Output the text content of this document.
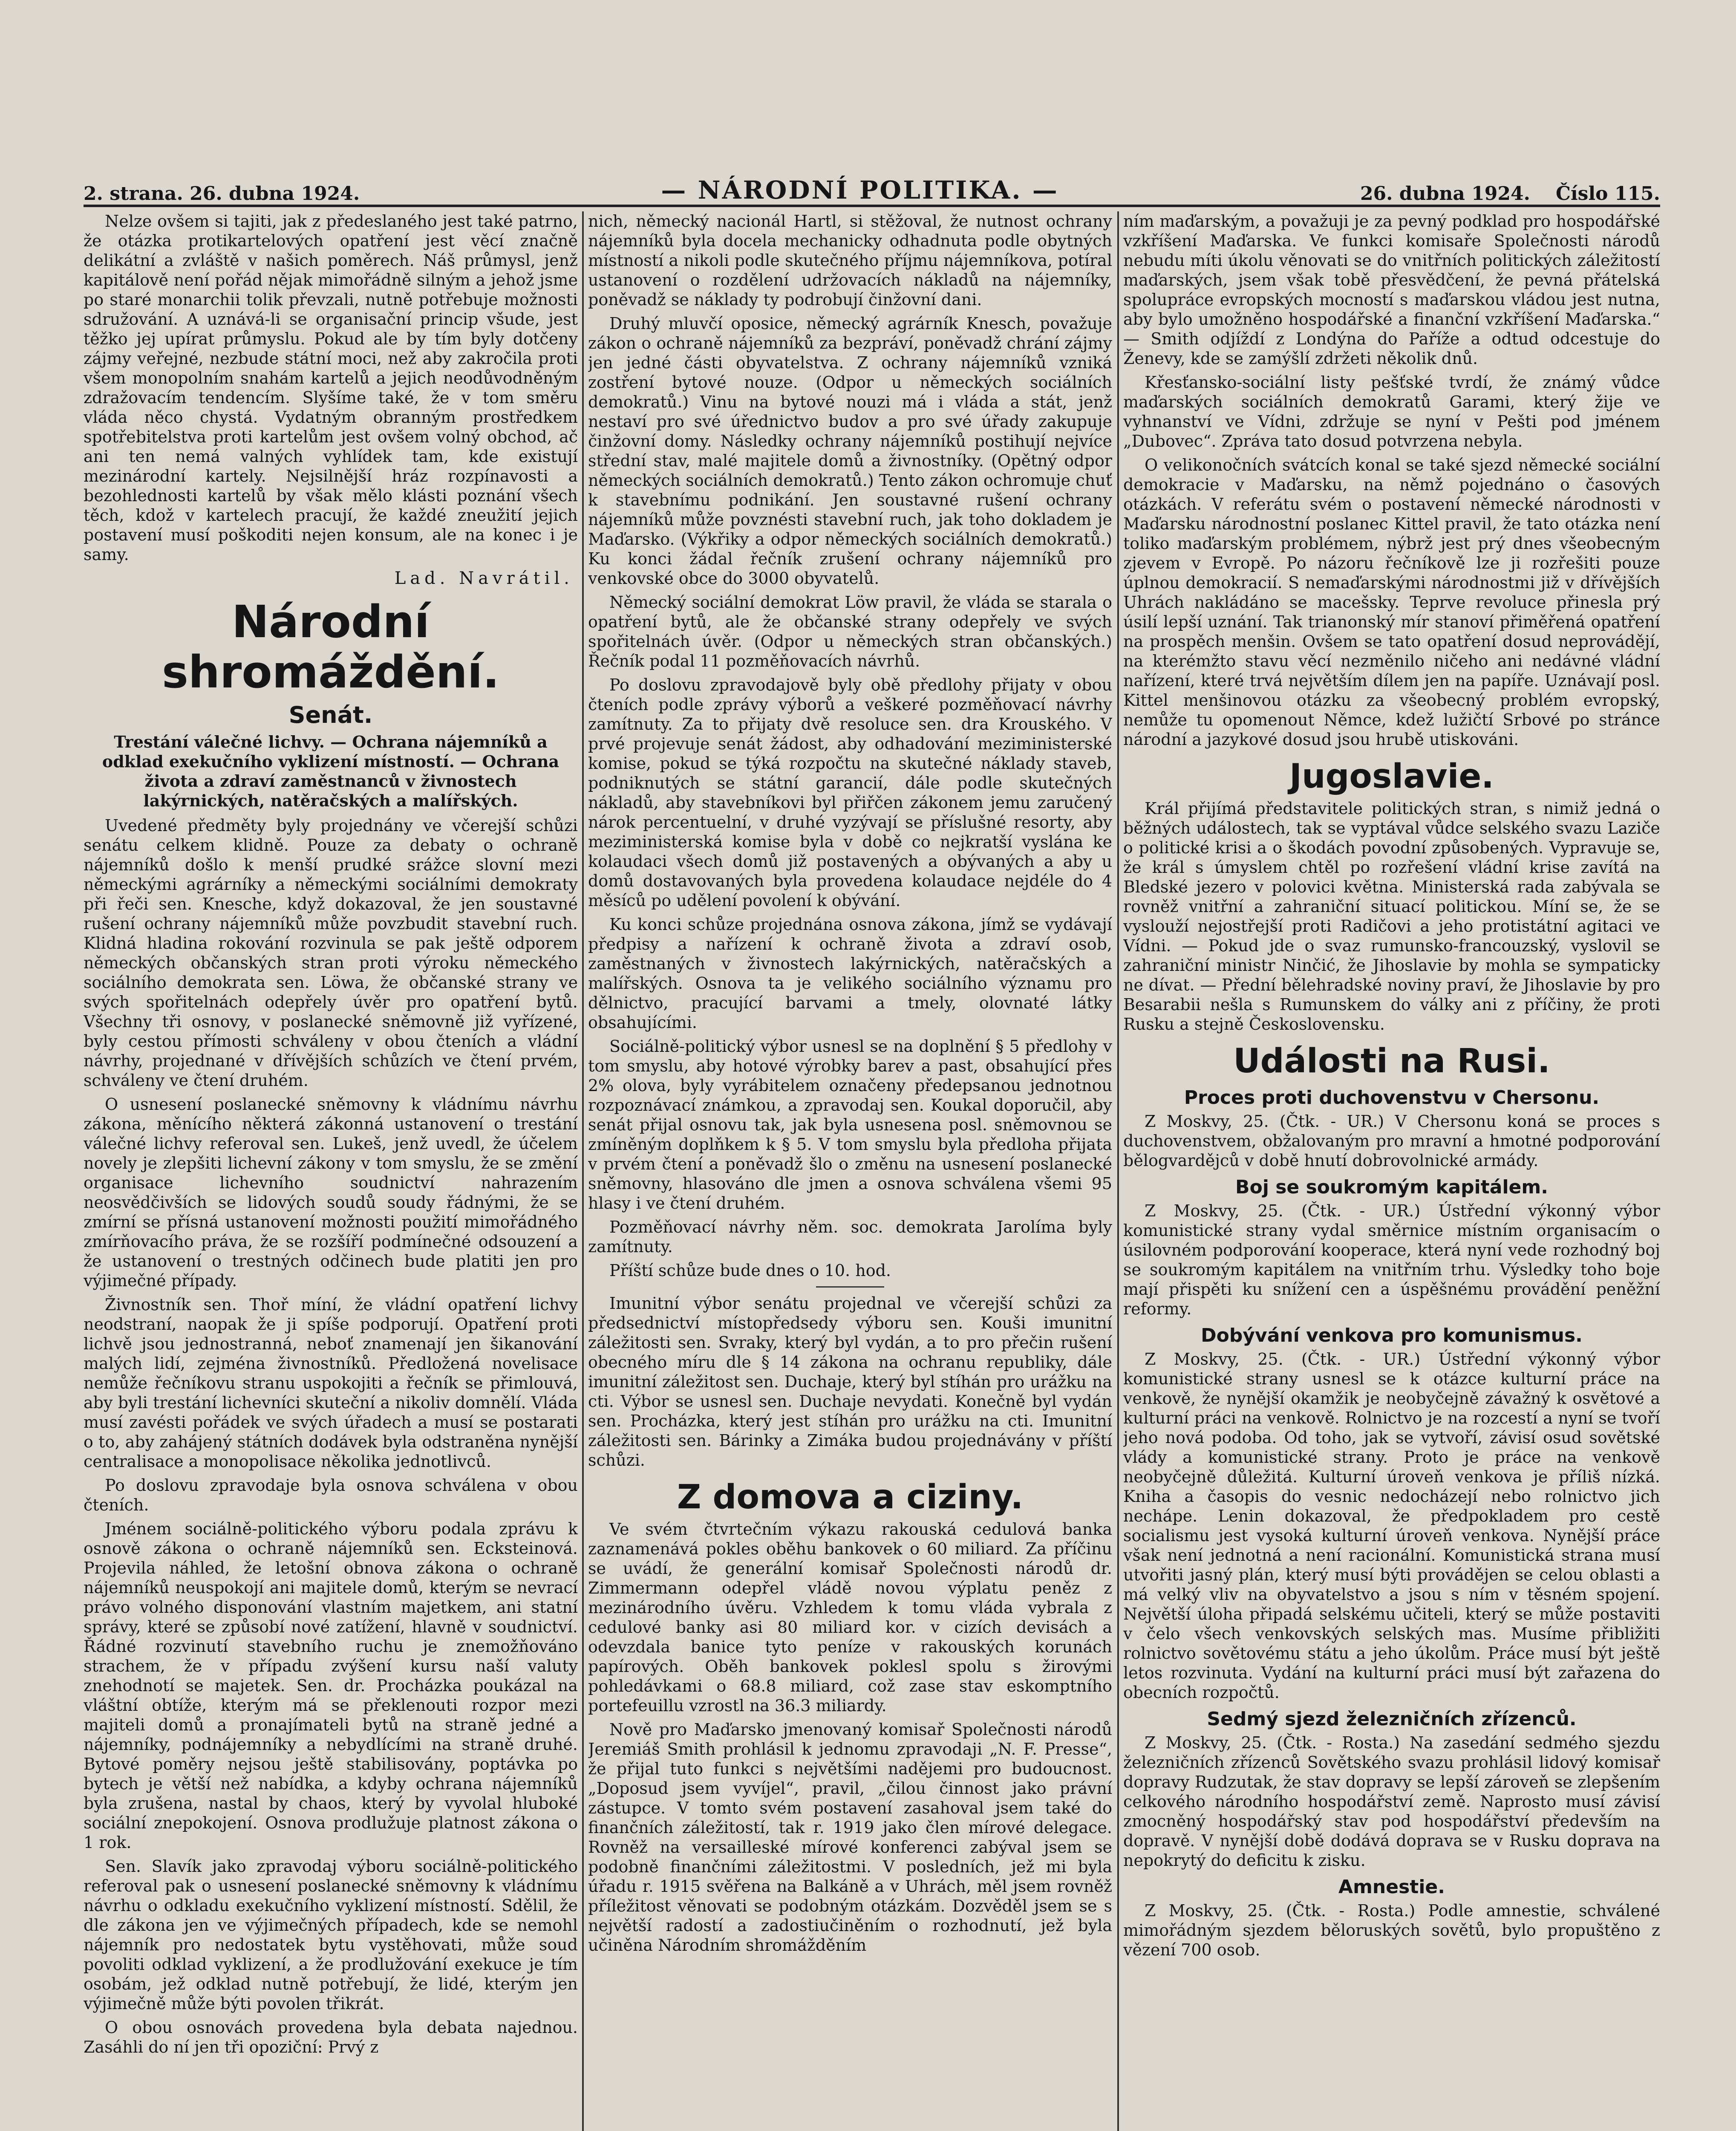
2. strana. 26. dubna 1924.	— NÁRODNÍ POLITIKA. —	26. dubna 1924. Číslo 115.

Nelze ovšem si tajiti, jak z předeslaného jest také patrno, že otázka protikartelových opatření jest věcí značně delikátní a zvláště v našich poměrech. Náš průmysl, jenž kapitálově není pořád nějak mimořádně silným a jehož jsme po staré monarchii tolik převzali, nutně potřebuje možnosti sdružování. A uznává-li se organisační princip všude, jest těžko jej upírat průmyslu. Pokud ale by tím byly dotčeny zájmy veřejné, nezbude státní moci, než aby zakročila proti všem monopolním snahám kartelů a jejich neodůvodněným zdražovacím tendencím. Slyšíme také, že v tom směru vláda něco chystá. Vydatným obranným prostředkem spotřebitelstva proti kartelům jest ovšem volný obchod, ač ani ten nemá valných vyhlídek tam, kde existují mezinárodní kartely. Nejsilnější hráz rozpínavosti a bezohlednosti kartelů by však mělo klásti poznání všech těch, kdož v kartelech pracují, že každé zneužití jejich postavení musí poškoditi nejen konsum, ale na konec i je samy.

Lad. Navrátil.
Národní shromáždění.
Senát.
Trestání válečné lichvy. — Ochrana nájemníků a odklad exekučního vyklizení místností. — Ochrana života a zdraví zaměstnanců v živnostech lakýrnických, natěračských a malířských.

Uvedené předměty byly projednány ve včerejší schůzi senátu celkem klidně. Pouze za debaty o ochraně nájemníků došlo k menší prudké srážce slovní mezi německými agrárníky a německými sociálními demokraty při řeči sen. Knesche, když dokazoval, že jen soustavné rušení ochrany nájemníků může povzbudit stavební ruch. Klidná hladina rokování rozvinula se pak ještě odporem německých občanských stran proti výroku německého sociálního demokrata sen. Löwa, že občanské strany ve svých spořitelnách odepřely úvěr pro opatření bytů. Všechny tři osnovy, v poslanecké sněmovně již vyřízené, byly cestou přímosti schváleny v obou čteních a vládní návrhy, projednané v dřívějších schůzích ve čtení prvém, schváleny ve čtení druhém.

O usnesení poslanecké sněmovny k vládnímu návrhu zákona, měnícího některá zákonná ustanovení o trestání válečné lichvy referoval sen. Lukeš, jenž uvedl, že účelem novely je zlepšiti lichevní zákony v tom smyslu, že se změní organisace lichevního soudnictví nahrazením neosvědčivších se lidových soudů soudy řádnými, že se zmírní se přísná ustanovení možnosti použití mimořádného zmírňovacího práva, že se rozšíří podmínečné odsouzení a že ustanovení o trestných odčinech bude platiti jen pro výjimečné případy.

Živnostník sen. Thoř míní, že vládní opatření lichvy neodstraní, naopak že ji spíše podporují. Opatření proti lichvě jsou jednostranná, neboť znamenají jen šikanování malých lidí, zejména živnostníků. Předložená novelisace nemůže řečníkovu stranu uspokojiti a řečník se přimlouvá, aby byli trestání lichevníci skuteční a nikoliv domnělí. Vláda musí zavésti pořádek ve svých úřadech a musí se postarati o to, aby zahájený státních dodávek byla odstraněna nynější centralisace a monopolisace několika jednotlivců.

Po doslovu zpravodaje byla osnova schválena v obou čteních.

Jménem sociálně-politického výboru podala zprávu k osnově zákona o ochraně nájemníků sen. Ecksteinová. Projevila náhled, že letošní obnova zákona o ochraně nájemníků neuspokojí ani majitele domů, kterým se nevrací právo volného disponování vlastním majetkem, ani statní správy, které se způsobí nové zatížení, hlavně v soudnictví. Řádné rozvinutí stavebního ruchu je znemožňováno strachem, že v případu zvýšení kursu naší valuty znehodnotí se majetek. Sen. dr. Procházka poukázal na vláštní obtíže, kterým má se překlenouti rozpor mezi majiteli domů a pronajímateli bytů na straně jedné a nájemníky, podnájemníky a nebydlícími na straně druhé. Bytové poměry nejsou ještě stabilisovány, poptávka po bytech je větší než nabídka, a kdyby ochrana nájemníků byla zrušena, nastal by chaos, který by vyvolal hluboké sociální znepokojení. Osnova prodlužuje platnost zákona o 1 rok.

Sen. Slavík jako zpravodaj výboru sociálně-politického referoval pak o usnesení poslanecké sněmovny k vládnímu návrhu o odkladu exekučního vyklizení místností. Sdělil, že dle zákona jen ve výjimečných případech, kde se nemohl nájemník pro nedostatek bytu vystěhovati, může soud povoliti odklad vyklizení, a že prodlužování exekuce je tím osobám, jež odklad nutně potřebují, že lidé, kterým jen výjimečně může býti povolen třikrát.

O obou osnovách provedena byla debata najednou. Zasáhli do ní jen tři opoziční: Prvý z

nich, německý nacionál Hartl, si stěžoval, že nutnost ochrany nájemníků byla docela mechanicky odhadnuta podle obytných místností a nikoli podle skutečného příjmu nájemníkova, potíral ustanovení o rozdělení udržovacích nákladů na nájemníky, poněvadž se náklady ty podrobují činžovní dani.

Druhý mluvčí oposice, německý agrárník Knesch, považuje zákon o ochraně nájemníků za bezpráví, poněvadž chrání zájmy jen jedné části obyvatelstva. Z ochrany nájemníků vzniká zostření bytové nouze. (Odpor u německých sociálních demokratů.) Vinu na bytové nouzi má i vláda a stát, jenž nestaví pro své úřednictvo budov a pro své úřady zakupuje činžovní domy. Následky ochrany nájemníků postihují nejvíce střední stav, malé majitele domů a živnostníky. (Opětný odpor německých sociálních demokratů.) Tento zákon ochromuje chuť k stavebnímu podnikání. Jen soustavné rušení ochrany nájemníků může povznésti stavební ruch, jak toho dokladem je Maďarsko. (Výkřiky a odpor německých sociálních demokratů.) Ku konci žádal řečník zrušení ochrany nájemníků pro venkovské obce do 3000 obyvatelů.

Německý sociální demokrat Löw pravil, že vláda se starala o opatření bytů, ale že občanské strany odepřely ve svých spořitelnách úvěr. (Odpor u německých stran občanských.) Řečník podal 11 pozměňovacích návrhů.

Po doslovu zpravodajově byly obě předlohy přijaty v obou čteních podle zprávy výborů a veškeré pozměňovací návrhy zamítnuty. Za to přijaty dvě resoluce sen. dra Krouského. V prvé projevuje senát žádost, aby odhadování meziministerské komise, pokud se týká rozpočtu na skutečné náklady staveb, podniknutých se státní garancií, dále podle skutečných nákladů, aby stavebníkovi byl přiřčen zákonem jemu zaručený nárok percentuelní, v druhé vyzývají se příslušné resorty, aby meziministerská komise byla v době co nejkratší vyslána ke kolaudaci všech domů již postavených a obývaných a aby u domů dostavovaných byla provedena kolaudace nejdéle do 4 měsíců po udělení povolení k obývání.

Ku konci schůze projednána osnova zákona, jímž se vydávají předpisy a nařízení k ochraně života a zdraví osob, zaměstnaných v živnostech lakýrnických, natěračských a malířských. Osnova ta je velikého sociálního významu pro dělnictvo, pracující barvami a tmely, olovnaté látky obsahujícími.

Sociálně-politický výbor usnesl se na doplnění § 5 předlohy v tom smyslu, aby hotové výrobky barev a past, obsahující přes 2% olova, byly vyrábitelem označeny předepsanou jednotnou rozpoznávací známkou, a zpravodaj sen. Koukal doporučil, aby senát přijal osnovu tak, jak byla usnesena posl. sněmovnou se zmíněným doplňkem k § 5. V tom smyslu byla předloha přijata v prvém čtení a poněvadž šlo o změnu na usnesení poslanecké sněmovny, hlasováno dle jmen a osnova schválena všemi 95 hlasy i ve čtení druhém.

Pozměňovací návrhy něm. soc. demokrata Jarolíma byly zamítnuty.

Příští schůze bude dnes o 10. hod.

Imunitní výbor senátu projednal ve včerejší schůzi za předsednictví místopředsedy výboru sen. Kouši imunitní záležitosti sen. Svraky, který byl vydán, a to pro přečin rušení obecného míru dle § 14 zákona na ochranu republiky, dále imunitní záležitost sen. Duchaje, který byl stíhán pro urážku na cti. Výbor se usnesl sen. Duchaje nevydati. Konečně byl vydán sen. Procházka, který jest stíhán pro urážku na cti. Imunitní záležitosti sen. Bárinky a Zimáka budou projednávány v příští schůzi.

Z domova a ciziny.

Ve svém čtvrtečním výkazu rakouská cedulová banka zaznamenává pokles oběhu bankovek o 60 miliard. Za příčinu se uvádí, že generální komisař Společnosti národů dr. Zimmermann odepřel vládě novou výplatu peněz z mezinárodního úvěru. Vzhledem k tomu vláda vybrala z cedulové banky asi 80 miliard kor. v cizích devisách a odevzdala banice tyto peníze v rakouských korunách papírových. Oběh bankovek poklesl spolu s žirovými pohledávkami o 68.8 miliard, což zase stav eskomptního portefeuillu vzrostl na 36.3 miliardy.

Nově pro Maďarsko jmenovaný komisař Společnosti národů Jeremiáš Smith prohlásil k jednomu zpravodaji „N. F. Presse“, že přijal tuto funkci s největšími nadějemi pro budoucnost. „Doposud jsem vyvíjel“, pravil, „čilou činnost jako právní zástupce. V tomto svém postavení zasahoval jsem také do finančních záležitostí, tak r. 1919 jako člen mírové delegace. Rovněž na versailleské mírové konferenci zabýval jsem se podobně finančními záležitostmi. V posledních, jež mi byla úřadu r. 1915 svěřena na Balkáně a v Uhrách, měl jsem rovněž příležitost věnovati se podobným otázkám. Dozvěděl jsem se s největší radostí a zadostiučiněním o rozhodnutí, jež byla učiněna Národním shromážděním

ním maďarským, a považuji je za pevný podklad pro hospodářské vzkříšení Maďarska. Ve funkci komisaře Společnosti národů nebudu míti úkolu věnovati se do vnitřních politických záležitostí maďarských, jsem však tobě přesvědčení, že pevná přátelská spolupráce evropských mocností s maďarskou vládou jest nutna, aby bylo umožněno hospodářské a finanční vzkříšení Maďarska.“ — Smith odjíždí z Londýna do Paříže a odtud odcestuje do Ženevy, kde se zamýšlí zdržeti několik dnů.

Křesťansko-sociální listy pešťské tvrdí, že známý vůdce maďarských sociálních demokratů Garami, který žije ve vyhnanství ve Vídni, zdržuje se nyní v Pešti pod jménem „Dubovec“. Zpráva tato dosud potvrzena nebyla.

O velikonočních svátcích konal se také sjezd německé sociální demokracie v Maďarsku, na němž pojednáno o časových otázkách. V referátu svém o postavení německé národnosti v Maďarsku národnostní poslanec Kittel pravil, že tato otázka není toliko maďarským problémem, nýbrž jest prý dnes všeobecným zjevem v Evropě. Po názoru řečníkově lze ji rozřešiti pouze úplnou demokracií. S nemaďarskými národnostmi již v dřívějších Uhrách nakládáno se macešsky. Teprve revoluce přinesla prý úsilí lepší uznání. Tak trianonský mír stanoví přiměřená opatření na prospěch menšin. Ovšem se tato opatření dosud neprovádějí, na kterémžto stavu věcí nezměnilo ničeho ani nedávné vládní nařízení, které trvá největším dílem jen na papíře. Uznávají posl. Kittel menšinovou otázku za všeobecný problém evropský, nemůže tu opomenout Němce, kdež lužičtí Srbové po stránce národní a jazykové dosud jsou hrubě utiskováni.

Jugoslavie.

Král přijímá představitele politických stran, s nimiž jedná o běžných událostech, tak se vyptával vůdce selského svazu Laziče o politické krisi a o škodách povodní způsobených. Vypravuje se, že král s úmyslem chtěl po rozřešení vládní krise zavítá na Bledské jezero v polovici května. Ministerská rada zabývala se rovněž vnitřní a zahraniční situací politickou. Míní se, že se vyslouží nejostřejší proti Radičovi a jeho protistátní agitaci ve Vídni. — Pokud jde o svaz rumunsko-francouzský, vyslovil se zahraniční ministr Ninčić, že Jihoslavie by mohla se sympaticky ne dívat. — Přední bělehradské noviny praví, že Jihoslavie by pro Besarabii nešla s Rumunskem do války ani z příčiny, že proti Rusku a stejně Československu.

Události na Rusi.
Proces proti duchovenstvu v Chersonu.

Z Moskvy, 25. (Čtk. - UR.) V Chersonu koná se proces s duchovenstvem, obžalovaným pro mravní a hmotné podporování bělogvardějců v době hnutí dobrovolnické armády.

Boj se soukromým kapitálem.

Z Moskvy, 25. (Čtk. - UR.) Ústřední výkonný výbor komunistické strany vydal směrnice místním organisacím o úsilovném podporování kooperace, která nyní vede rozhodný boj se soukromým kapitálem na vnitřním trhu. Výsledky toho boje mají přispěti ku snížení cen a úspěšnému provádění peněžní reformy.

Dobývání venkova pro komunismus.

Z Moskvy, 25. (Čtk. - UR.) Ústřední výkonný výbor komunistické strany usnesl se k otázce kulturní práce na venkově, že nynější okamžik je neobyčejně závažný k osvětové a kulturní práci na venkově. Rolnictvo je na rozcestí a nyní se tvoří jeho nová podoba. Od toho, jak se vytvoří, závisí osud sovětské vlády a komunistické strany. Proto je práce na venkově neobyčejně důležitá. Kulturní úroveň venkova je příliš nízká. Kniha a časopis do vesnic nedocházejí nebo rolnictvo jich nechápe. Lenin dokazoval, že předpokladem pro cestě socialismu jest vysoká kulturní úroveň venkova. Nynější práce však není jednotná a není racionální. Komunistická strana musí utvořiti jasný plán, který musí býti provádějen se celou oblasti a má velký vliv na obyvatelstvo a jsou s ním v těsném spojení. Největší úloha připadá selskému učiteli, který se může postaviti v čelo všech venkovských selských mas. Musíme přibližiti rolnictvo sovětovému státu a jeho úkolům. Práce musí být ještě letos rozvinuta. Vydání na kulturní práci musí být zařazena do obecních rozpočtů.

Sedmý sjezd železničních zřízenců.

Z Moskvy, 25. (Čtk. - Rosta.) Na zasedání sedmého sjezdu železničních zřízenců Sovětského svazu prohlásil lidový komisař dopravy Rudzutak, že stav dopravy se lepší zároveň se zlepšením celkového národního hospodářství země. Naprosto musí závisí zmocněný hospodářský stav pod hospodářství především na dopravě. V nynější době dodává doprava se v Rusku doprava na nepokrytý do deficitu k zisku.

Amnestie.

Z Moskvy, 25. (Čtk. - Rosta.) Podle amnestie, schválené mimořádným sjezdem běloruských sovětů, bylo propuštěno z vězení 700 osob.
